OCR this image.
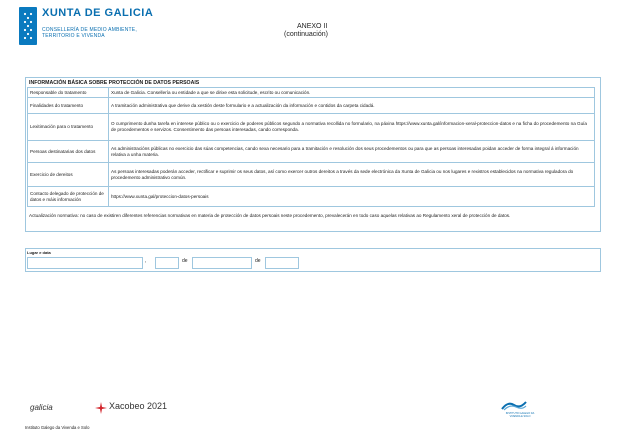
XUNTA DE GALICIA
CONSELLERÍA DE MEDIO AMBIENTE,
TERRITORIO E VIVENDA
ANEXO II
(continuación)
INFORMACIÓN BÁSICA SOBRE PROTECCIÓN DE DATOS PERSOAIS
Responsable do tratamento	Xunta de Galicia. Consellería ou entidade a que se dirixe esta solicitude, escrito ou comunicación.
Finalidades do tratamento	A tramitación administrativa que derive da xestión deste formulario e a actualización da información e contidos da carpeta cidadá.
Lexitimación para o tratamento	O cumprimento dunha tarefa en interese público ou o exercicio de poderes públicos segundo a normativa recollida no formulario, na páxina https://www.xunta.gal/informacion-xeral-proteccion-datos e na ficha do procedemento na Guía de procedementos e servizos. Consentimento das persoas interesadas, cando corresponda.
Persoas destinatarias dos datos	As administracións públicas no exercicio das súas competencias, cando sexa necesario para a tramitación e resolución dos seus procedementos ou para que as persoas interesadas poidan acceder de forma integral á información relativa a unha materia.
Exercicio de dereitos	As persoas interesadas poderán acceder, rectificar e suprimir os seus datos, así como exercer outros dereitos a través da sede electrónica da Xunta de Galicia ou nos lugares e rexistros establecidos na normativa reguladora do procedemento administrativo común.
Contacto delegado de protección de datos e máis información	https://www.xunta.gal/proteccion-datos-persoais
Actualización normativa: no caso de existiren diferentes referencias normativas en materia de protección de datos persoais neste procedemento, prevalecerán en todo caso aquelas relativas ao Regulamento xeral de protección de datos.
Lugar e data
,	de	de
galicia	Xacobeo 2021
INSTITUTO GALEGO DA VIVENDA E SOLO
Instituto Galego da Vivenda e Solo
